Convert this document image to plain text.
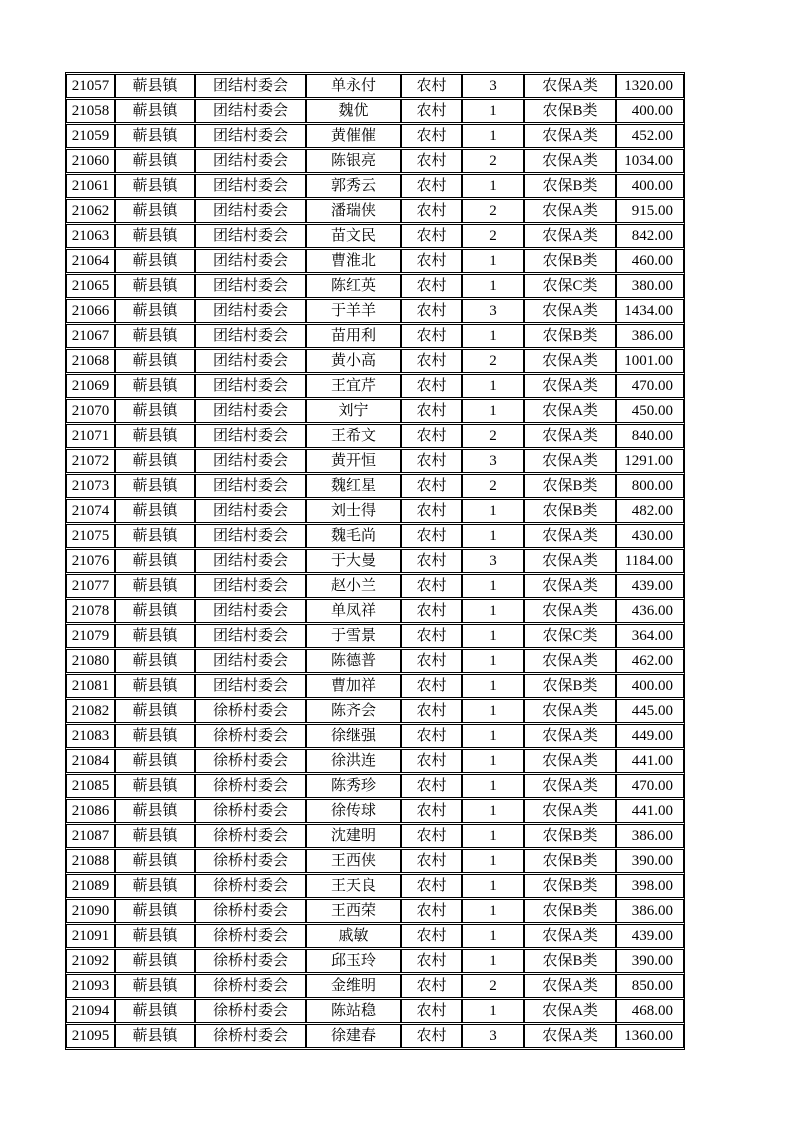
21057	蕲县镇	团结村委会	单永付	农村	3	农保A类	1320.00
21058	蕲县镇	团结村委会	魏优	农村	1	农保B类	400.00
21059	蕲县镇	团结村委会	黄催催	农村	1	农保A类	452.00
21060	蕲县镇	团结村委会	陈银亮	农村	2	农保A类	1034.00
21061	蕲县镇	团结村委会	郭秀云	农村	1	农保B类	400.00
21062	蕲县镇	团结村委会	潘瑞侠	农村	2	农保A类	915.00
21063	蕲县镇	团结村委会	苗文民	农村	2	农保A类	842.00
21064	蕲县镇	团结村委会	曹淮北	农村	1	农保B类	460.00
21065	蕲县镇	团结村委会	陈红英	农村	1	农保C类	380.00
21066	蕲县镇	团结村委会	于羊羊	农村	3	农保A类	1434.00
21067	蕲县镇	团结村委会	苗用利	农村	1	农保B类	386.00
21068	蕲县镇	团结村委会	黄小高	农村	2	农保A类	1001.00
21069	蕲县镇	团结村委会	王宜芹	农村	1	农保A类	470.00
21070	蕲县镇	团结村委会	刘宁	农村	1	农保A类	450.00
21071	蕲县镇	团结村委会	王希文	农村	2	农保A类	840.00
21072	蕲县镇	团结村委会	黄开恒	农村	3	农保A类	1291.00
21073	蕲县镇	团结村委会	魏红星	农村	2	农保B类	800.00
21074	蕲县镇	团结村委会	刘士得	农村	1	农保B类	482.00
21075	蕲县镇	团结村委会	魏毛尚	农村	1	农保A类	430.00
21076	蕲县镇	团结村委会	于大曼	农村	3	农保A类	1184.00
21077	蕲县镇	团结村委会	赵小兰	农村	1	农保A类	439.00
21078	蕲县镇	团结村委会	单凤祥	农村	1	农保A类	436.00
21079	蕲县镇	团结村委会	于雪景	农村	1	农保C类	364.00
21080	蕲县镇	团结村委会	陈德普	农村	1	农保A类	462.00
21081	蕲县镇	团结村委会	曹加祥	农村	1	农保B类	400.00
21082	蕲县镇	徐桥村委会	陈齐会	农村	1	农保A类	445.00
21083	蕲县镇	徐桥村委会	徐继强	农村	1	农保A类	449.00
21084	蕲县镇	徐桥村委会	徐洪连	农村	1	农保A类	441.00
21085	蕲县镇	徐桥村委会	陈秀珍	农村	1	农保A类	470.00
21086	蕲县镇	徐桥村委会	徐传球	农村	1	农保A类	441.00
21087	蕲县镇	徐桥村委会	沈建明	农村	1	农保B类	386.00
21088	蕲县镇	徐桥村委会	王西侠	农村	1	农保B类	390.00
21089	蕲县镇	徐桥村委会	王天良	农村	1	农保B类	398.00
21090	蕲县镇	徐桥村委会	王西荣	农村	1	农保B类	386.00
21091	蕲县镇	徐桥村委会	戚敏	农村	1	农保A类	439.00
21092	蕲县镇	徐桥村委会	邱玉玲	农村	1	农保B类	390.00
21093	蕲县镇	徐桥村委会	金维明	农村	2	农保A类	850.00
21094	蕲县镇	徐桥村委会	陈站稳	农村	1	农保A类	468.00
21095	蕲县镇	徐桥村委会	徐建春	农村	3	农保A类	1360.00
